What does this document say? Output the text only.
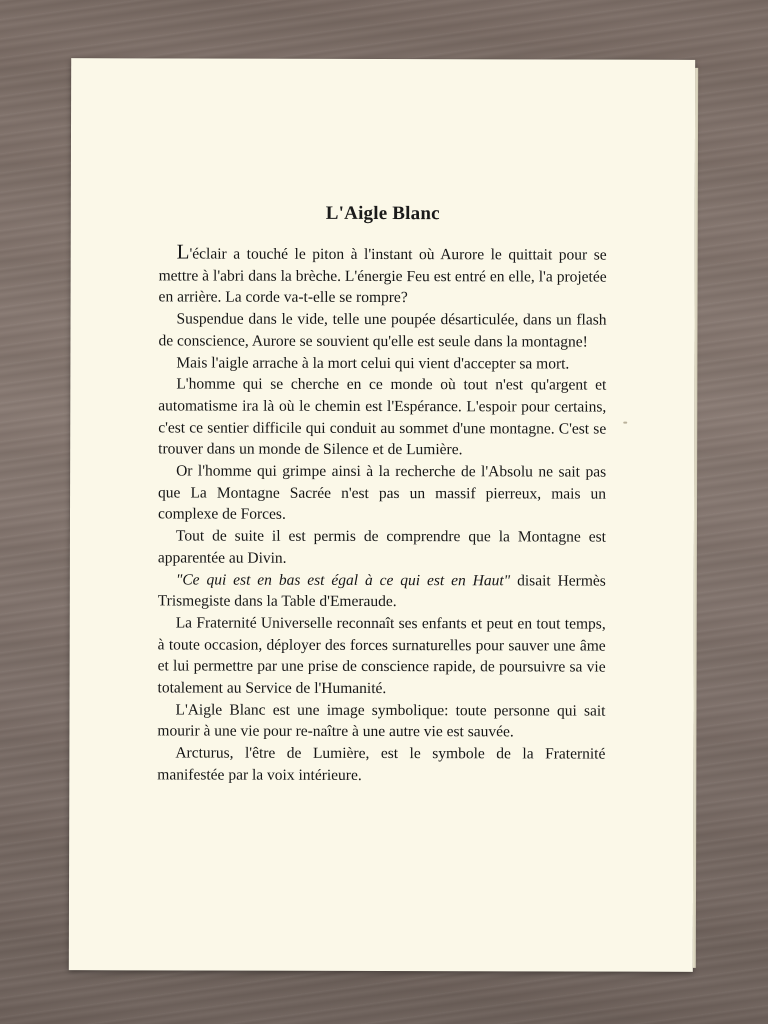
L'Aigle Blanc

L'éclair a touché le piton à l'instant où Aurore le quittait pour se mettre à l'abri dans la brèche. L'énergie Feu est entré en elle, l'a projetée en arrière. La corde va-t-elle se rompre?

Suspendue dans le vide, telle une poupée désarticulée, dans un flash de conscience, Aurore se souvient qu'elle est seule dans la montagne!

Mais l'aigle arrache à la mort celui qui vient d'accepter sa mort.

L'homme qui se cherche en ce monde où tout n'est qu'argent et automatisme ira là où le chemin est l'Espérance. L'espoir pour certains, c'est ce sentier difficile qui conduit au sommet d'une montagne. C'est se trouver dans un monde de Silence et de Lumière.

Or l'homme qui grimpe ainsi à la recherche de l'Absolu ne sait pas que La Montagne Sacrée n'est pas un massif pierreux, mais un complexe de Forces.

Tout de suite il est permis de comprendre que la Montagne est apparentée au Divin.

"Ce qui est en bas est égal à ce qui est en Haut" disait Hermès Trismegiste dans la Table d'Emeraude.

La Fraternité Universelle reconnaît ses enfants et peut en tout temps, à toute occasion, déployer des forces surnaturelles pour sauver une âme et lui permettre par une prise de conscience rapide, de poursuivre sa vie totalement au Service de l'Humanité.

L'Aigle Blanc est une image symbolique: toute personne qui sait mourir à une vie pour re-naître à une autre vie est sauvée.

Arcturus, l'être de Lumière, est le symbole de la Fraternité manifestée par la voix intérieure.
